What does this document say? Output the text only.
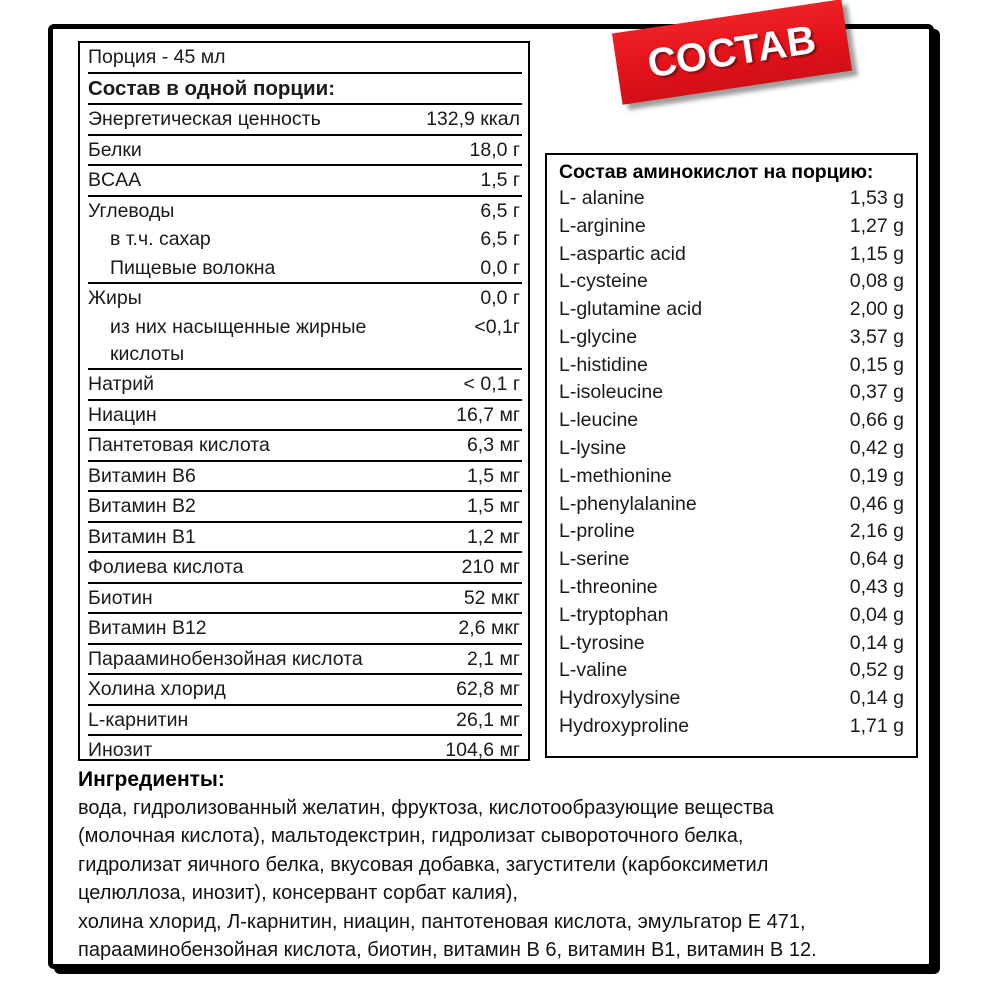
Порция - 45 мл
Состав в одной порции:
Энергетическая ценность	132,9 ккал
Белки	18,0 г
BCAA	1,5 г
Углеводы	6,5 г
в т.ч. сахар	6,5 г
Пищевые волокна	0,0 г
Жиры	0,0 г
из них насыщенные жирные	<0,1г
кислоты
Натрий	< 0,1 г
Ниацин	16,7 мг
Пантетовая кислота	6,3 мг
Витамин B6	1,5 мг
Витамин B2	1,5 мг
Витамин B1	1,2 мг
Фолиева кислота	210 мг
Биотин	52 мкг
Витамин B12	2,6 мкг
Парааминобензойная кислота	2,1 мг
Холина хлорид	62,8 мг
L-карнитин	26,1 мг
Инозит	104,6 мг
Состав аминокислот на порцию:
L- alanine	1,53 g
L-arginine	1,27 g
L-aspartic acid	1,15 g
L-cysteine	0,08 g
L-glutamine acid	2,00 g
L-glycine	3,57 g
L-histidine	0,15 g
L-isoleucine	0,37 g
L-leucine	0,66 g
L-lysine	0,42 g
L-methionine	0,19 g
L-phenylalanine	0,46 g
L-proline	2,16 g
L-serine	0,64 g
L-threonine	0,43 g
L-tryptophan	0,04 g
L-tyrosine	0,14 g
L-valine	0,52 g
Hydroxylysine	0,14 g
Hydroxyproline	1,71 g
СОСТАВ
Ингредиенты:
вода, гидролизованный желатин, фруктоза, кислотообразующие вещества
(молочная кислота), мальтодекстрин, гидролизат сывороточного белка,
гидролизат яичного белка, вкусовая добавка, загустители (карбоксиметил
целюллоза, инозит), консервант сорбат калия),
холина хлорид, Л-карнитин, ниацин, пантотеновая кислота, эмульгатор E 471,
парааминобензойная кислота, биотин, витамин B 6, витамин B1, витамин B 12.
